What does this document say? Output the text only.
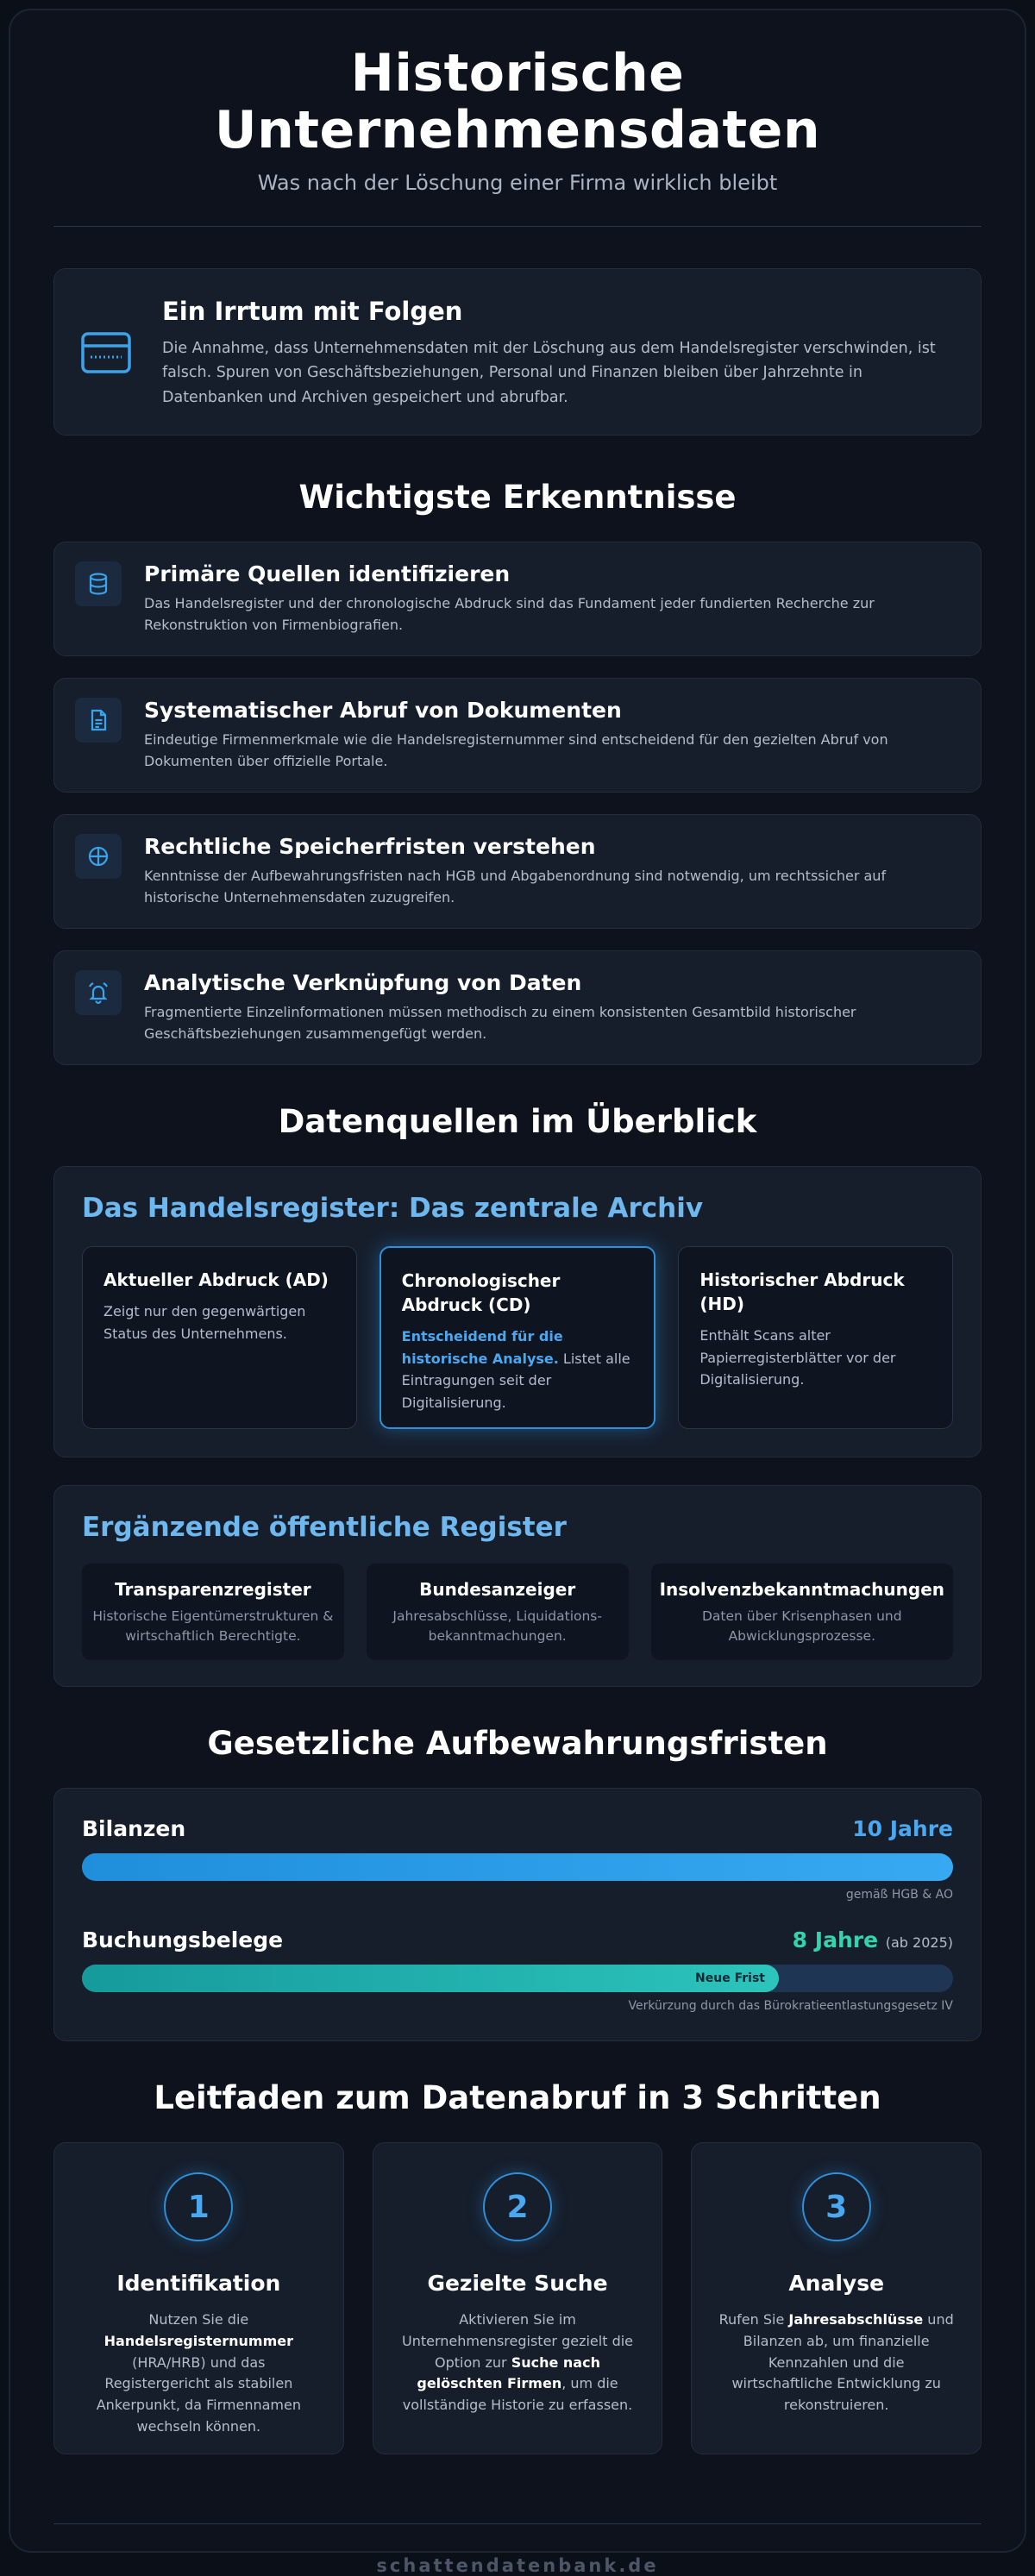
Historische Unternehmensdaten
Was nach der Löschung einer Firma wirklich bleibt
Ein Irrtum mit Folgen

Die Annahme, dass Unternehmensdaten mit der Löschung aus dem Handelsregister verschwinden, ist falsch. Spuren von Geschäftsbeziehungen, Personal und Finanzen bleiben über Jahrzehnte in Datenbanken und Archiven gespeichert und abrufbar.

Wichtigste Erkenntnisse
Primäre Quellen identifizieren

Das Handelsregister und der chronologische Abdruck sind das Fundament jeder fundierten Recherche zur Rekonstruktion von Firmenbiografien.

Systematischer Abruf von Dokumenten

Eindeutige Firmenmerkmale wie die Handelsregisternummer sind entscheidend für den gezielten Abruf von Dokumenten über offizielle Portale.

Rechtliche Speicherfristen verstehen

Kenntnisse der Aufbewahrungsfristen nach HGB und Abgabenordnung sind notwendig, um rechtssicher auf historische Unternehmensdaten zuzugreifen.

Analytische Verknüpfung von Daten

Fragmentierte Einzelinformationen müssen methodisch zu einem konsistenten Gesamtbild historischer Geschäftsbeziehungen zusammengefügt werden.

Datenquellen im Überblick
Das Handelsregister: Das zentrale Archiv
Aktueller Abdruck (AD)

Zeigt nur den gegenwärtigen Status des Unternehmens.

Chronologischer Abdruck (CD)

Entscheidend für die historische Analyse. Listet alle Eintragungen seit der Digitalisierung.

Historischer Abdruck (HD)

Enthält Scans alter Papierregisterblätter vor der Digitalisierung.

Ergänzende öffentliche Register
Transparenzregister

Historische Eigentümerstrukturen & wirtschaftlich Berechtigte.

Bundesanzeiger

Jahresabschlüsse, Liquidations-bekanntmachungen.

Insolvenzbekanntmachungen

Daten über Krisenphasen und Abwicklungsprozesse.

Gesetzliche Aufbewahrungsfristen
Bilanzen	10 Jahre
gemäß HGB & AO
Buchungsbelege	8 Jahre (ab 2025)
Neue Frist
Verkürzung durch das Bürokratieentlastungsgesetz IV
Leitfaden zum Datenabruf in 3 Schritten
1
Identifikation

Nutzen Sie die Handelsregisternummer (HRA/HRB) und das Registergericht als stabilen Ankerpunkt, da Firmennamen wechseln können.

2
Gezielte Suche

Aktivieren Sie im Unternehmensregister gezielt die Option zur Suche nach gelöschten Firmen, um die vollständige Historie zu erfassen.

3
Analyse

Rufen Sie Jahresabschlüsse und Bilanzen ab, um finanzielle Kennzahlen und die wirtschaftliche Entwicklung zu rekonstruieren.

schattendatenbank.de
